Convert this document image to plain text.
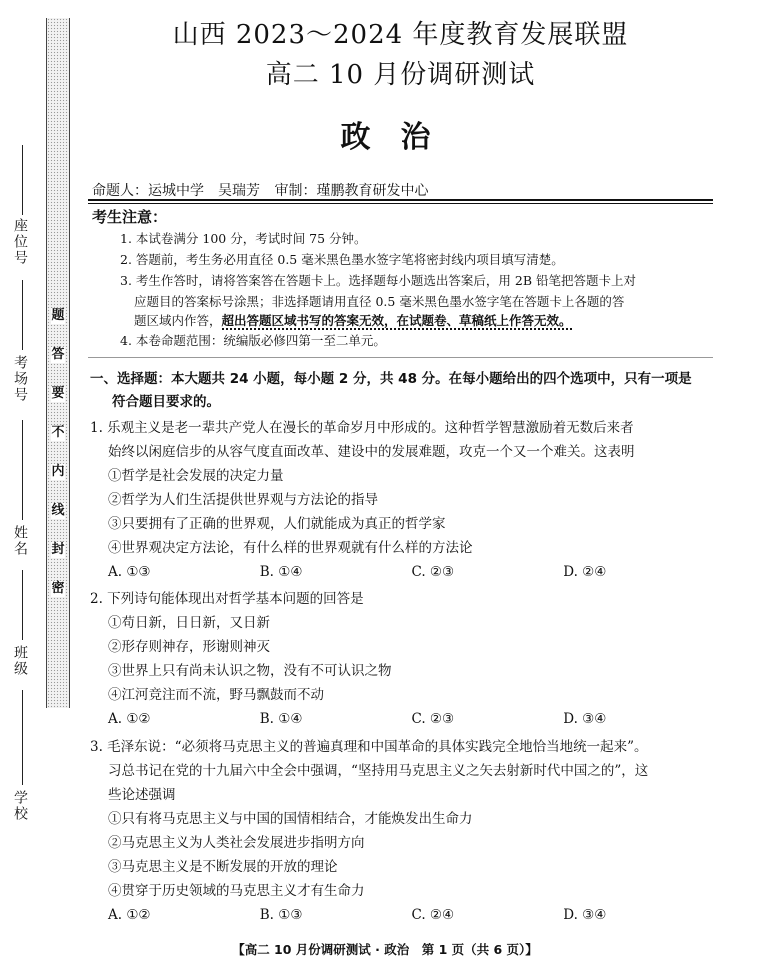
座位号
考场号
姓名
班级
学校
题
答
要
不
内
线
封
密
山西 2023～2024 年度教育发展联盟
高二 10 月份调研测试
政治
命题人：运城中学　吴瑞芳 审制：瑾鹏教育研发中心
考生注意：
1. 本试卷满分 100 分，考试时间 75 分钟。
2. 答题前，考生务必用直径 0.5 毫米黑色墨水签字笔将密封线内项目填写清楚。
3. 考生作答时，请将答案答在答题卡上。选择题每小题选出答案后，用 2B 铅笔把答题卡上对
应题目的答案标号涂黑；非选择题请用直径 0.5 毫米黑色墨水签字笔在答题卡上各题的答
题区域内作答，超出答题区域书写的答案无效，在试题卷、草稿纸上作答无效。
4. 本卷命题范围：统编版必修四第一至二单元。
一、选择题：本大题共 24 小题，每小题 2 分，共 48 分。在每小题给出的四个选项中，只有一项是
符合题目要求的。
1. 乐观主义是老一辈共产党人在漫长的革命岁月中形成的。这种哲学智慧激励着无数后来者
始终以闲庭信步的从容气度直面改革、建设中的发展难题，攻克一个又一个难关。这表明
①哲学是社会发展的决定力量
②哲学为人们生活提供世界观与方法论的指导
③只要拥有了正确的世界观，人们就能成为真正的哲学家
④世界观决定方法论，有什么样的世界观就有什么样的方法论
A. ①③	B. ①④	C. ②③	D. ②④
2. 下列诗句能体现出对哲学基本问题的回答是
①苟日新，日日新，又日新
②形存则神存，形谢则神灭
③世界上只有尚未认识之物，没有不可认识之物
④江河竞注而不流，野马飘鼓而不动
A. ①②	B. ①④	C. ②③	D. ③④
3. 毛泽东说：“必须将马克思主义的普遍真理和中国革命的具体实践完全地恰当地统一起来”。
习总书记在党的十九届六中全会中强调，“坚持用马克思主义之矢去射新时代中国之的”，这
些论述强调
①只有将马克思主义与中国的国情相结合，才能焕发出生命力
②马克思主义为人类社会发展进步指明方向
③马克思主义是不断发展的开放的理论
④贯穿于历史领域的马克思主义才有生命力
A. ①②	B. ①③	C. ②④	D. ③④
【高二 10 月份调研测试 · 政治　第 1 页（共 6 页）】
